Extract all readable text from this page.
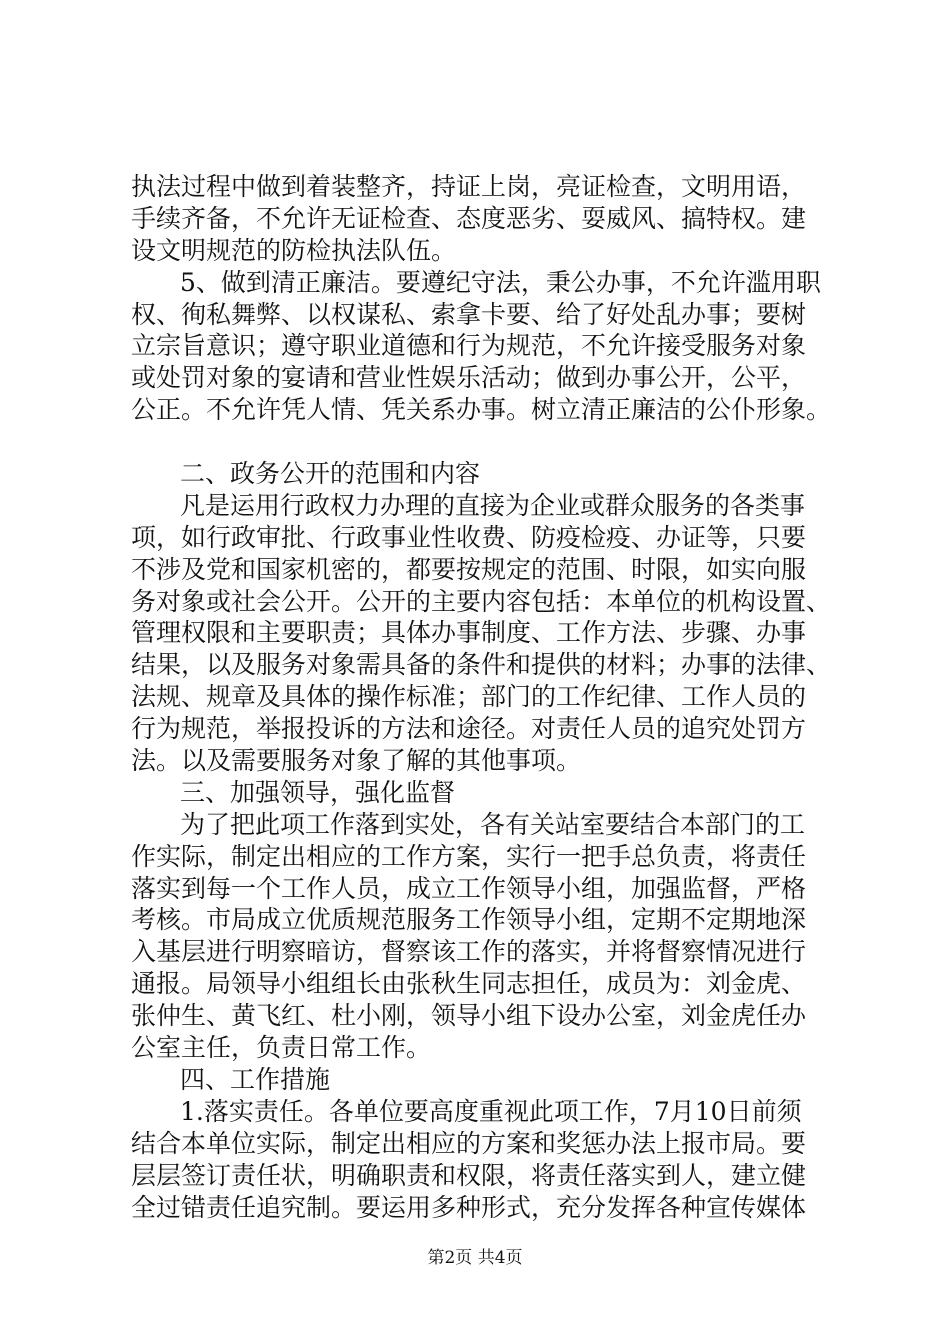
执法过程中做到着装整齐，持证上岗，亮证检查，文明用语，
手续齐备，不允许无证检查、态度恶劣、耍威风、搞特权。建
设文明规范的防检执法队伍。
5、做到清正廉洁。要遵纪守法，秉公办事，不允许滥用职
权、徇私舞弊、以权谋私、索拿卡要、给了好处乱办事；要树
立宗旨意识；遵守职业道德和行为规范，不允许接受服务对象
或处罚对象的宴请和营业性娱乐活动；做到办事公开，公平，
公正。不允许凭人情、凭关系办事。树立清正廉洁的公仆形象。
二、政务公开的范围和内容
凡是运用行政权力办理的直接为企业或群众服务的各类事
项，如行政审批、行政事业性收费、防疫检疫、办证等，只要
不涉及党和国家机密的，都要按规定的范围、时限，如实向服
务对象或社会公开。公开的主要内容包括：本单位的机构设置、
管理权限和主要职责；具体办事制度、工作方法、步骤、办事
结果，以及服务对象需具备的条件和提供的材料；办事的法律、
法规、规章及具体的操作标准；部门的工作纪律、工作人员的
行为规范，举报投诉的方法和途径。对责任人员的追究处罚方
法。以及需要服务对象了解的其他事项。
三、加强领导，强化监督
为了把此项工作落到实处，各有关站室要结合本部门的工
作实际，制定出相应的工作方案，实行一把手总负责，将责任
落实到每一个工作人员，成立工作领导小组，加强监督，严格
考核。市局成立优质规范服务工作领导小组，定期不定期地深
入基层进行明察暗访，督察该工作的落实，并将督察情况进行
通报。局领导小组组长由张秋生同志担任，成员为：刘金虎、
张仲生、黄飞红、杜小刚，领导小组下设办公室，刘金虎任办
公室主任，负责日常工作。
四、工作措施
1.落实责任。各单位要高度重视此项工作，7月10日前须
结合本单位实际，制定出相应的方案和奖惩办法上报市局。要
层层签订责任状，明确职责和权限，将责任落实到人，建立健
全过错责任追究制。要运用多种形式，充分发挥各种宣传媒体
第2页 共4页
